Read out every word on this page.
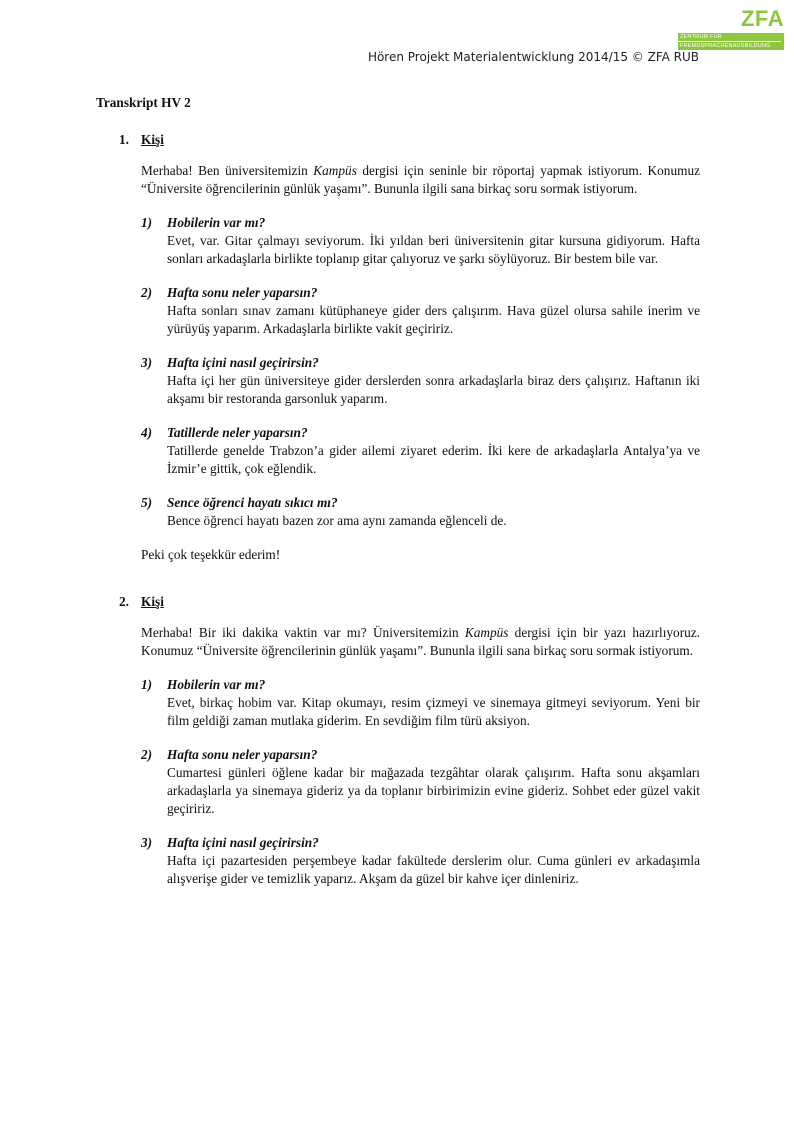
ZFA
ZENTRUM FÜR
FREMDSPRACHENAUSBILDUNG
Hören Projekt Materialentwicklung 2014/15 © ZFA RUB
Transkript HV 2
1. Kişi
Merhaba! Ben üniversitemizin Kampüs dergisi için seninle bir röportaj yapmak istiyorum. Konumuz “Üniversite öğrencilerinin günlük yaşamı”. Bununla ilgili sana birkaç soru sormak istiyorum.
1)	Hobilerin var mı?
Evet, var. Gitar çalmayı seviyorum. İki yıldan beri üniversitenin gitar kursuna gidiyorum. Hafta sonları arkadaşlarla birlikte toplanıp gitar çalıyoruz ve şarkı söylüyoruz. Bir bestem bile var.
2)	Hafta sonu neler yaparsın?
Hafta sonları sınav zamanı kütüphaneye gider ders çalışırım. Hava güzel olursa sahile inerim ve yürüyüş yaparım. Arkadaşlarla birlikte vakit geçiririz.
3)	Hafta içini nasıl geçirirsin?
Hafta içi her gün üniversiteye gider derslerden sonra arkadaşlarla biraz ders çalışırız. Haftanın iki akşamı bir restoranda garsonluk yaparım.
4)	Tatillerde neler yaparsın?
Tatillerde genelde Trabzon’a gider ailemi ziyaret ederim. İki kere de arkadaşlarla Antalya’ya ve İzmir’e gittik, çok eğlendik.
5)	Sence öğrenci hayatı sıkıcı mı?
Bence öğrenci hayatı bazen zor ama aynı zamanda eğlenceli de.
Peki çok teşekkür ederim!
2. Kişi
Merhaba! Bir iki dakika vaktin var mı? Üniversitemizin Kampüs dergisi için bir yazı hazırlıyoruz. Konumuz “Üniversite öğrencilerinin günlük yaşamı”. Bununla ilgili sana birkaç soru sormak istiyorum.
1)	Hobilerin var mı?
Evet, birkaç hobim var. Kitap okumayı, resim çizmeyi ve sinemaya gitmeyi seviyorum. Yeni bir film geldiği zaman mutlaka giderim. En sevdiğim film türü aksiyon.
2)	Hafta sonu neler yaparsın?
Cumartesi günleri öğlene kadar bir mağazada tezgâhtar olarak çalışırım. Hafta sonu akşamları arkadaşlarla ya sinemaya gideriz ya da toplanır birbirimizin evine gideriz. Sohbet eder güzel vakit geçiririz.
3)	Hafta içini nasıl geçirirsin?
Hafta içi pazartesiden perşembeye kadar fakültede derslerim olur. Cuma günleri ev arkadaşımla alışverişe gider ve temizlik yaparız. Akşam da güzel bir kahve içer dinleniriz.
